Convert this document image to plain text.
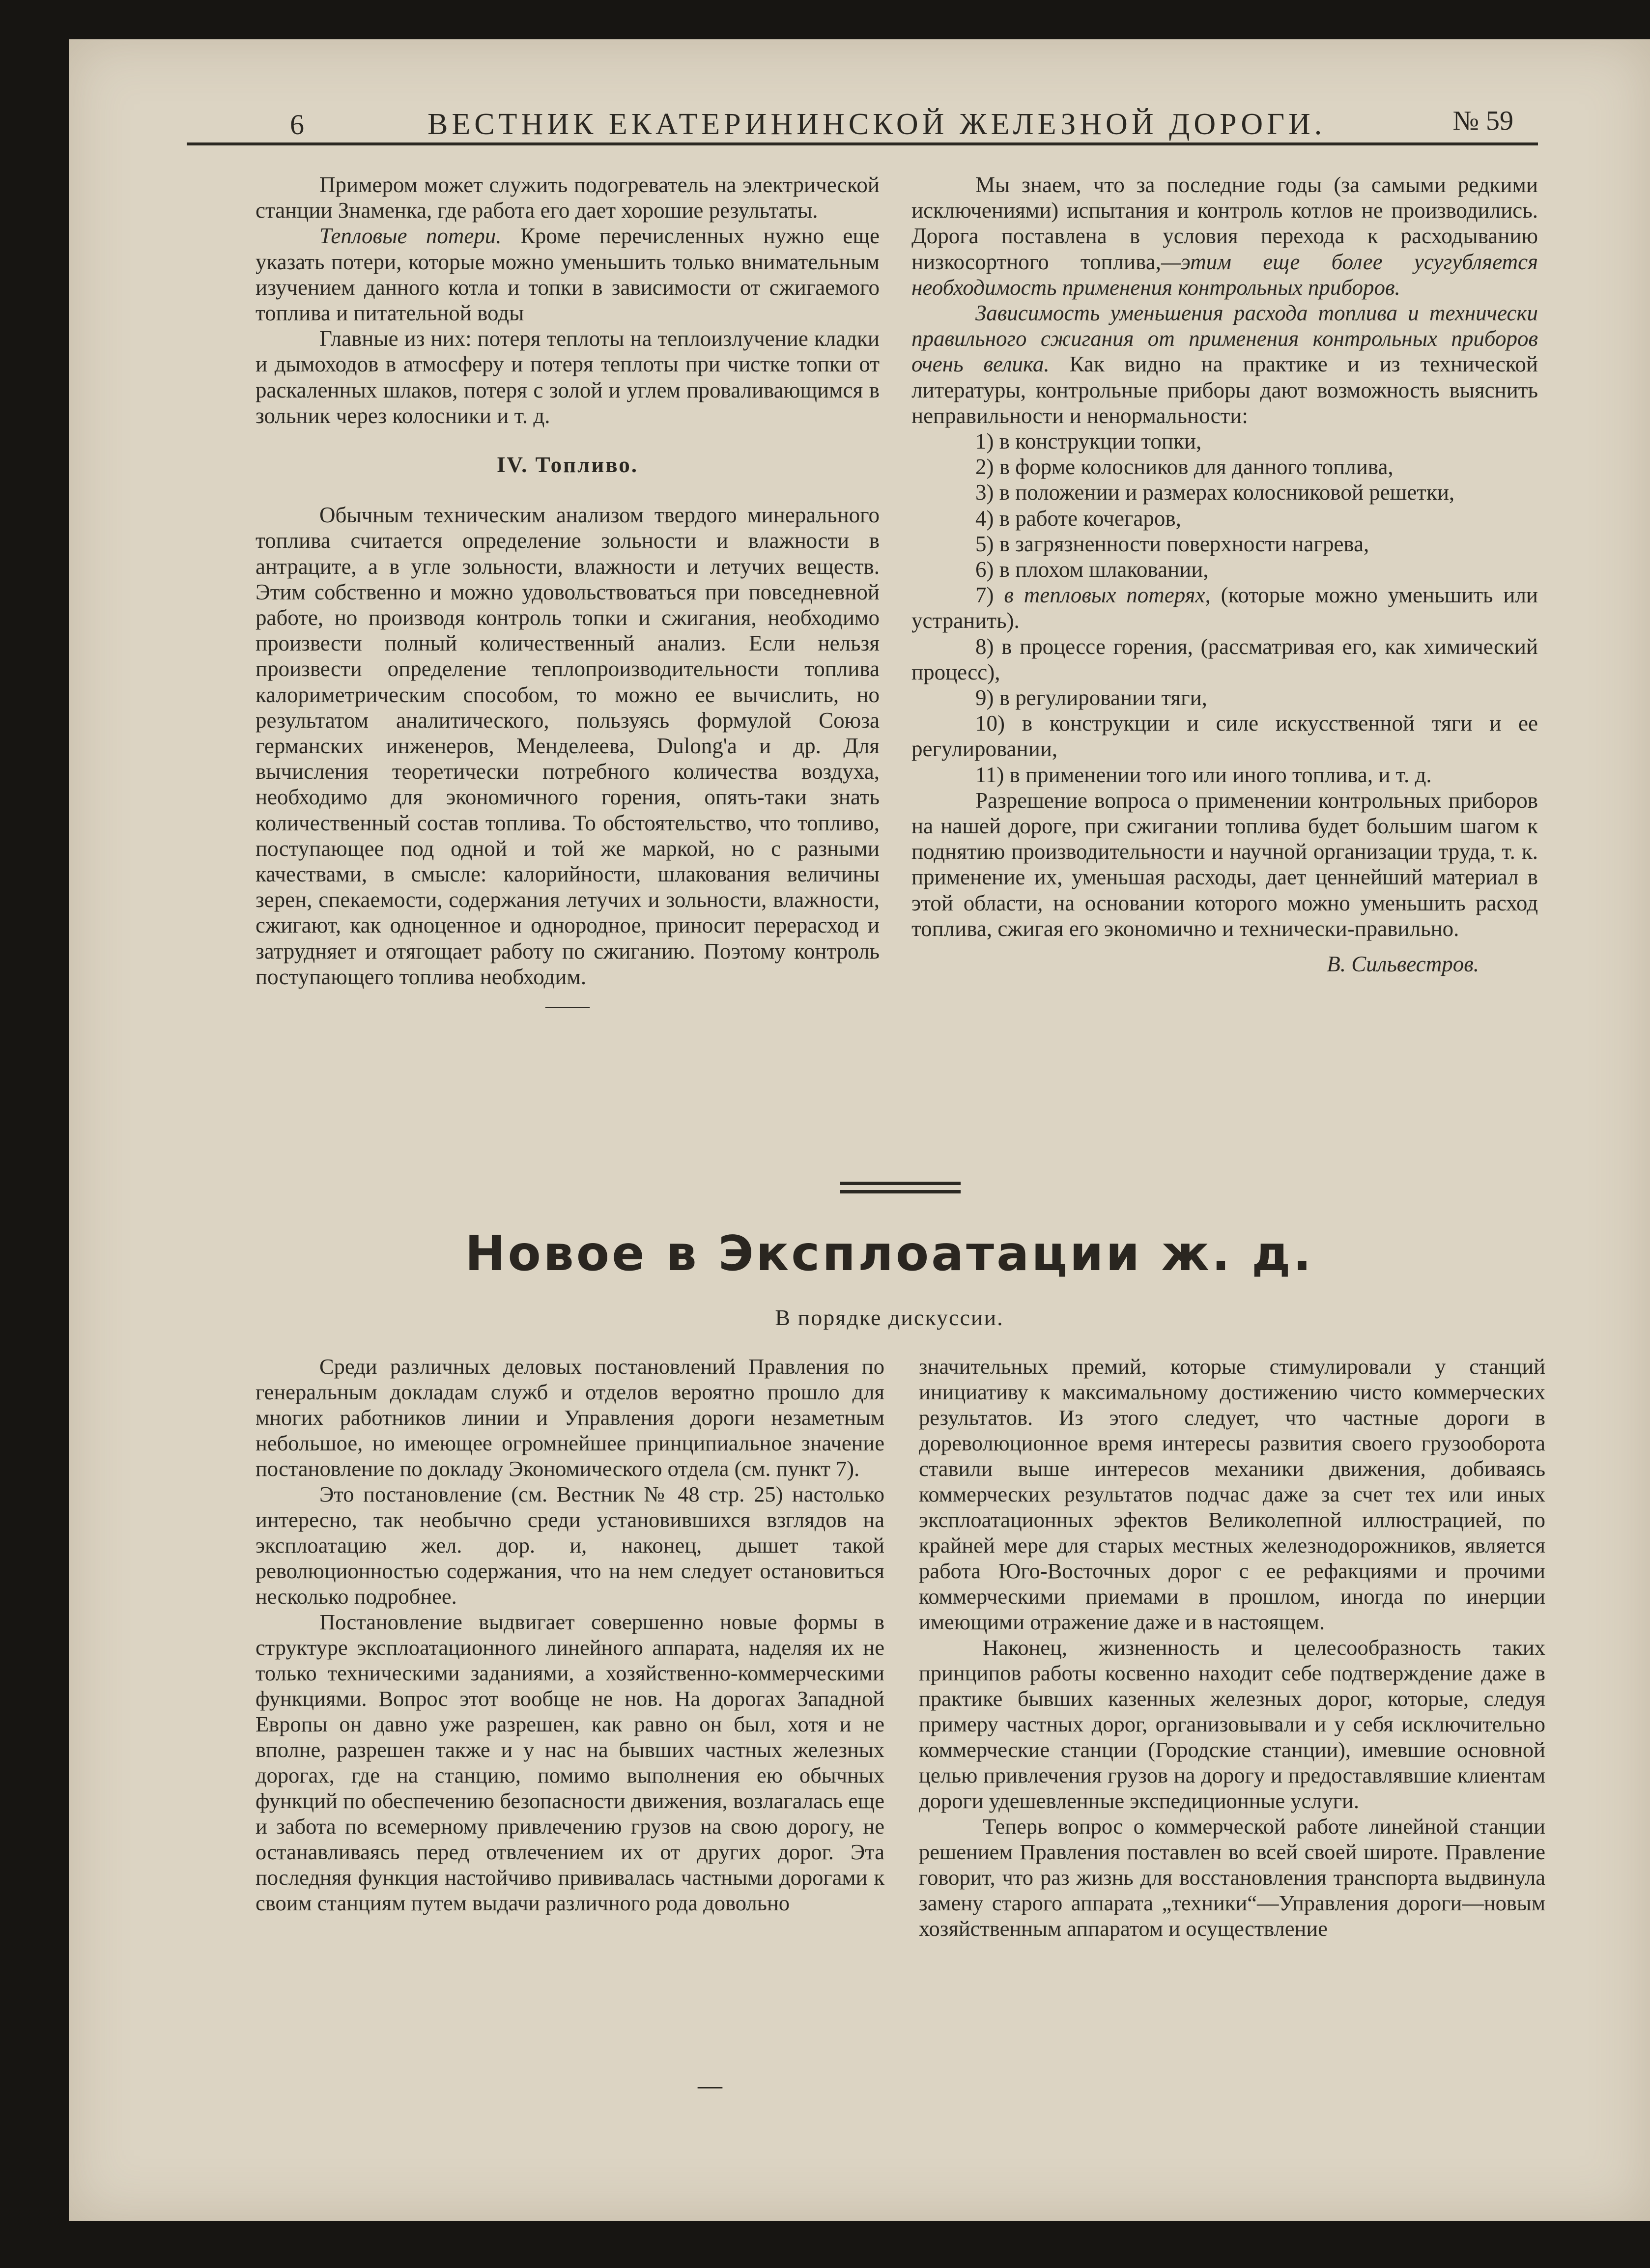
6	ВЕСТНИК ЕКАТЕРИНИНСКОЙ ЖЕЛЕЗНОЙ ДОРОГИ.	№ 59

Примером может служить подогреватель на электрической станции Знаменка, где работа его дает хорошие результаты.

Тепловые потери. Кроме перечисленных нужно еще указать потери, которые можно уменьшить только внимательным изучением данного котла и топки в зависимости от сжигаемого топлива и питательной воды

Главные из них: потеря теплоты на теплоизлучение кладки и дымоходов в атмосферу и потеря теплоты при чистке топки от раскаленных шлаков, потеря с золой и углем проваливающимся в зольник через колосники и т. д.

IV. Топливо.

Обычным техническим анализом твердого минерального топлива считается определение зольности и влажности в антраците, а в угле зольности, влажности и летучих веществ. Этим собственно и можно удовольствоваться при повседневной работе, но производя контроль топки и сжигания, необходимо произвести полный количественный анализ. Если нельзя произвести определение теплопроизводительности топлива калориметрическим способом, то можно ее вычислить, но результатом аналитического, пользуясь формулой Союза германских инженеров, Менделеева, Dulong'a и др. Для вычисления теоретически потребного количества воздуха, необходимо для экономичного горения, опять-таки знать количественный состав топлива. То обстоятельство, что топливо, поступающее под одной и той же маркой, но с разными качествами, в смысле: калорийности, шлакования величины зерен, спекаемости, содержания летучих и зольности, влажности, сжигают, как одноценное и однородное, приносит перерасход и затрудняет и отягощает работу по сжиганию. Поэтому контроль поступающего топлива необходим.

——

Мы знаем, что за последние годы (за самыми редкими исключениями) испытания и контроль котлов не производились. Дорога поставлена в условия перехода к расходыванию низкосортного топлива,—этим еще более усугубляется необходимость применения контрольных приборов.

Зависимость уменьшения расхода топлива и технически правильного сжигания от применения контрольных приборов очень велика. Как видно на практике и из технической литературы, контрольные приборы дают возможность выяснить неправильности и ненормальности:

1) в конструкции топки,

2) в форме колосников для данного топлива,

3) в положении и размерах колосниковой решетки,

4) в работе кочегаров,

5) в загрязненности поверхности нагрева,

6) в плохом шлаковании,

7) в тепловых потерях, (которые можно уменьшить или устранить).

8) в процессе горения, (рассматривая его, как химический процесс),

9) в регулировании тяги,

10) в конструкции и силе искусственной тяги и ее регулировании,

11) в применении того или иного топлива, и т. д.

Разрешение вопроса о применении контрольных приборов на нашей дороге, при сжигании топлива будет большим шагом к поднятию производительности и научной организации труда, т. к. применение их, уменьшая расходы, дает ценнейший материал в этой области, на основании которого можно уменьшить расход топлива, сжигая его экономично и технически-правильно.

В. Сильвестров.

Новое в Эксплоатации ж. д.
В порядке дискуссии.

Среди различных деловых постановлений Правления по генеральным докладам служб и отделов вероятно прошло для многих работников линии и Управления дороги незаметным небольшое, но имеющее огромнейшее принципиальное значение постановление по докладу Экономического отдела (см. пункт 7).

Это постановление (см. Вестник № 48 стр. 25) настолько интересно, так необычно среди установившихся взглядов на эксплоатацию жел. дор. и, наконец, дышет такой революционностью содержания, что на нем следует остановиться несколько подробнее.

Постановление выдвигает совершенно новые формы в структуре эксплоатационного линейного аппарата, наделяя их не только техническими заданиями, а хозяйственно-коммерческими функциями. Вопрос этот вообще не нов. На дорогах Западной Европы он давно уже разрешен, как равно он был, хотя и не вполне, разрешен также и у нас на бывших частных железных дорогах, где на станцию, помимо выполнения ею обычных функций по обеспечению безопасности движения, возлагалась еще и забота по всемерному привлечению грузов на свою дорогу, не останавливаясь перед отвлечением их от других дорог. Эта последняя функция настойчиво прививалась частными дорогами к своим станциям путем выдачи различного рода довольно

значительных премий, которые стимулировали у станций инициативу к максимальному достижению чисто коммерческих результатов. Из этого следует, что частные дороги в дореволюционное время интересы развития своего грузооборота ставили выше интересов механики движения, добиваясь коммерческих результатов подчас даже за счет тех или иных эксплоатационных эфектов Великолепной иллюстрацией, по крайней мере для старых местных железнодорожников, является работа Юго-Восточных дорог с ее рефакциями и прочими коммерческими приемами в прошлом, иногда по инерции имеющими отражение даже и в настоящем.

Наконец, жизненность и целесообразность таких принципов работы косвенно находит себе подтверждение даже в практике бывших казенных железных дорог, которые, следуя примеру частных дорог, организовывали и у себя исключительно коммерческие станции (Городские станции), имевшие основной целью привлечения грузов на дорогу и предоставлявшие клиентам дороги удешевленные экспедиционные услуги.

Теперь вопрос о коммерческой работе линейной станции решением Правления поставлен во всей своей широте. Правление говорит, что раз жизнь для восстановления транспорта выдвинула замену старого аппарата „техники“—Управления дороги—новым хозяйственным аппаратом и осуществление

—
